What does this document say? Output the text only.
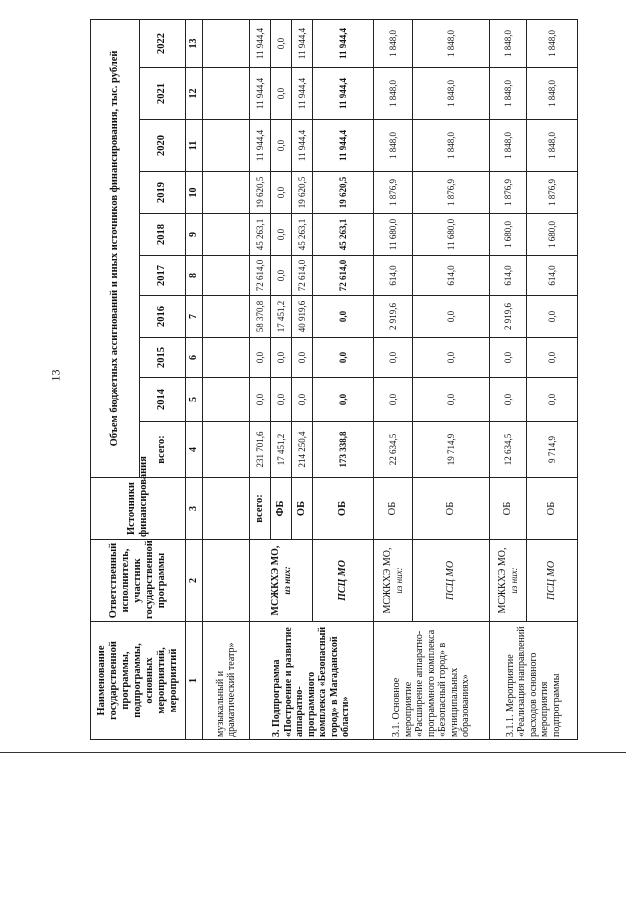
13
Наименование государственной программы, подпрограммы, основных мероприятий, мероприятий	Ответственный исполнитель, участник государственной программы	Источники финансирования	Объем бюджетных ассигнований и иных источников финансирования, тыс. рублей									
			всего:	2014	2015	2016	2017	2018	2019	2020	2021	2022
1	2	3	4	5	6	7	8	9	10	11	12	13
музыкальный и драматический театр»												
3. Подпрограмма «Построение и развитие аппаратно-программного комплекса «Безопасный город» в Магаданской области»	МСЖКХЭ МО, из них:	всего:	231 701,6	0,0	0,0	58 370,8	72 614,0	45 263,1	19 620,5	11 944,4	11 944,4	11 944,4
		ФБ	17 451,2	0,0	0,0	17 451,2	0,0	0,0	0,0	0,0	0,0	0,0
		ОБ	214 250,4	0,0	0,0	40 919,6	72 614,0	45 263,1	19 620,5	11 944,4	11 944,4	11 944,4
	ПСЦ МО	ОБ	173 338,8	0,0	0,0	0,0	72 614,0	45 263,1	19 620,5	11 944,4	11 944,4	11 944,4
3.1. Основное мероприятие «Расширение аппаратно-программного комплекса «Безопасный город» в муниципальных образованиях»	МСЖКХЭ МО, из них:	ОБ	22 634,5	0,0	0,0	2 919,6	614,0	11 680,0	1 876,9	1 848,0	1 848,0	1 848,0
	ПСЦ МО	ОБ	19 714,9	0,0	0,0	0,0	614,0	11 680,0	1 876,9	1 848,0	1 848,0	1 848,0
3.1.1. Мероприятие «Реализация направлений расходов основного мероприятия подпрограммы	МСЖКХЭ МО, из них:	ОБ	12 634,5	0,0	0,0	2 919,6	614,0	1 680,0	1 876,9	1 848,0	1 848,0	1 848,0
	ПСЦ МО	ОБ	9 714,9	0,0	0,0	0,0	614,0	1 680,0	1 876,9	1 848,0	1 848,0	1 848,0
